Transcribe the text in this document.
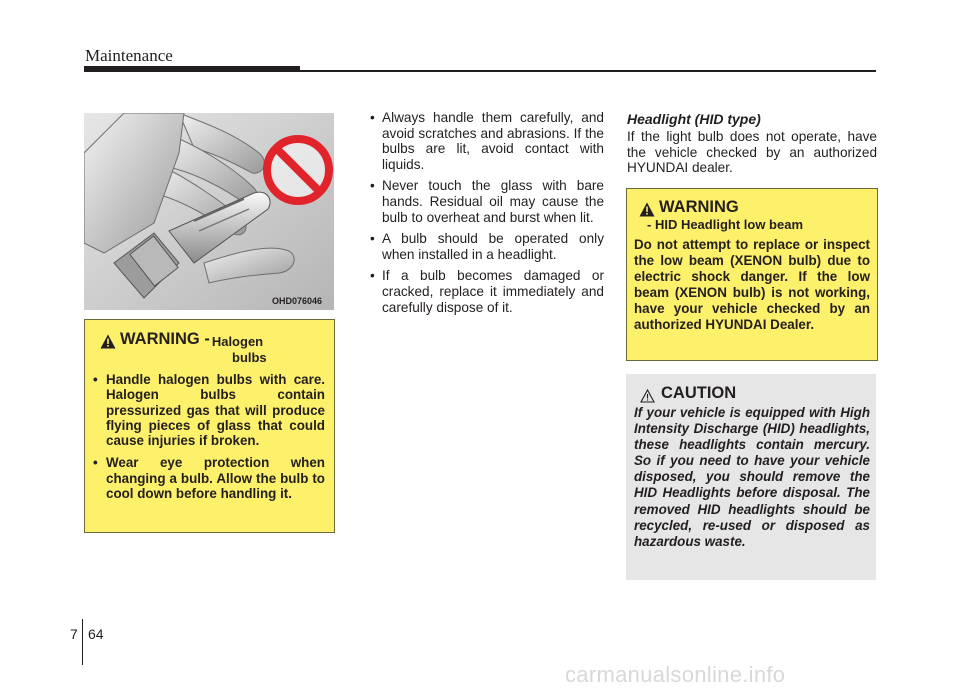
Maintenance
OHD076046
WARNING - Halogen
bulbs
• Handle halogen bulbs with care. Halogen bulbs contain pressurized gas that will produce flying pieces of glass that could cause injuries if broken.
• Wear eye protection when changing a bulb. Allow the bulb to cool down before handling it.
• Always handle them carefully, and avoid scratches and abrasions. If the bulbs are lit, avoid contact with liquids.
• Never touch the glass with bare hands. Residual oil may cause the bulb to overheat and burst when lit.
• A bulb should be operated only when installed in a headlight.
• If a bulb becomes damaged or cracked, replace it immediately and carefully dispose of it.
Headlight (HID type)
If the light bulb does not operate, have the vehicle checked by an authorized HYUNDAI dealer.
WARNING
- HID Headlight low beam
Do not attempt to replace or inspect the low beam (XENON bulb) due to electric shock danger. If the low beam (XENON bulb) is not working, have your vehicle checked by an authorized HYUNDAI Dealer.
CAUTION
If your vehicle is equipped with High Intensity Discharge (HID) headlights, these headlights contain mercury. So if you need to have your vehicle disposed, you should remove the HID Headlights before disposal. The removed HID headlights should be recycled, re-used or disposed as hazardous waste.
7 64
carmanualsonline.info
